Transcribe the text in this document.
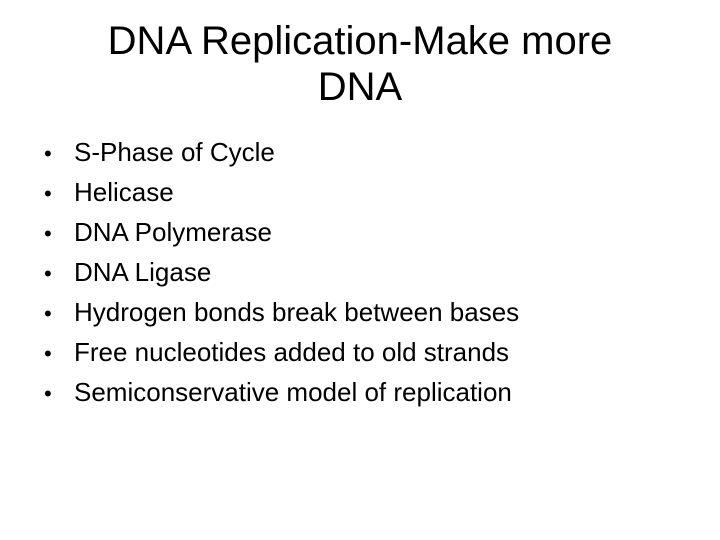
DNA Replication-Make more
DNA
• S-Phase of Cycle
• Helicase
• DNA Polymerase
• DNA Ligase
• Hydrogen bonds break between bases
• Free nucleotides added to old strands
• Semiconservative model of replication
